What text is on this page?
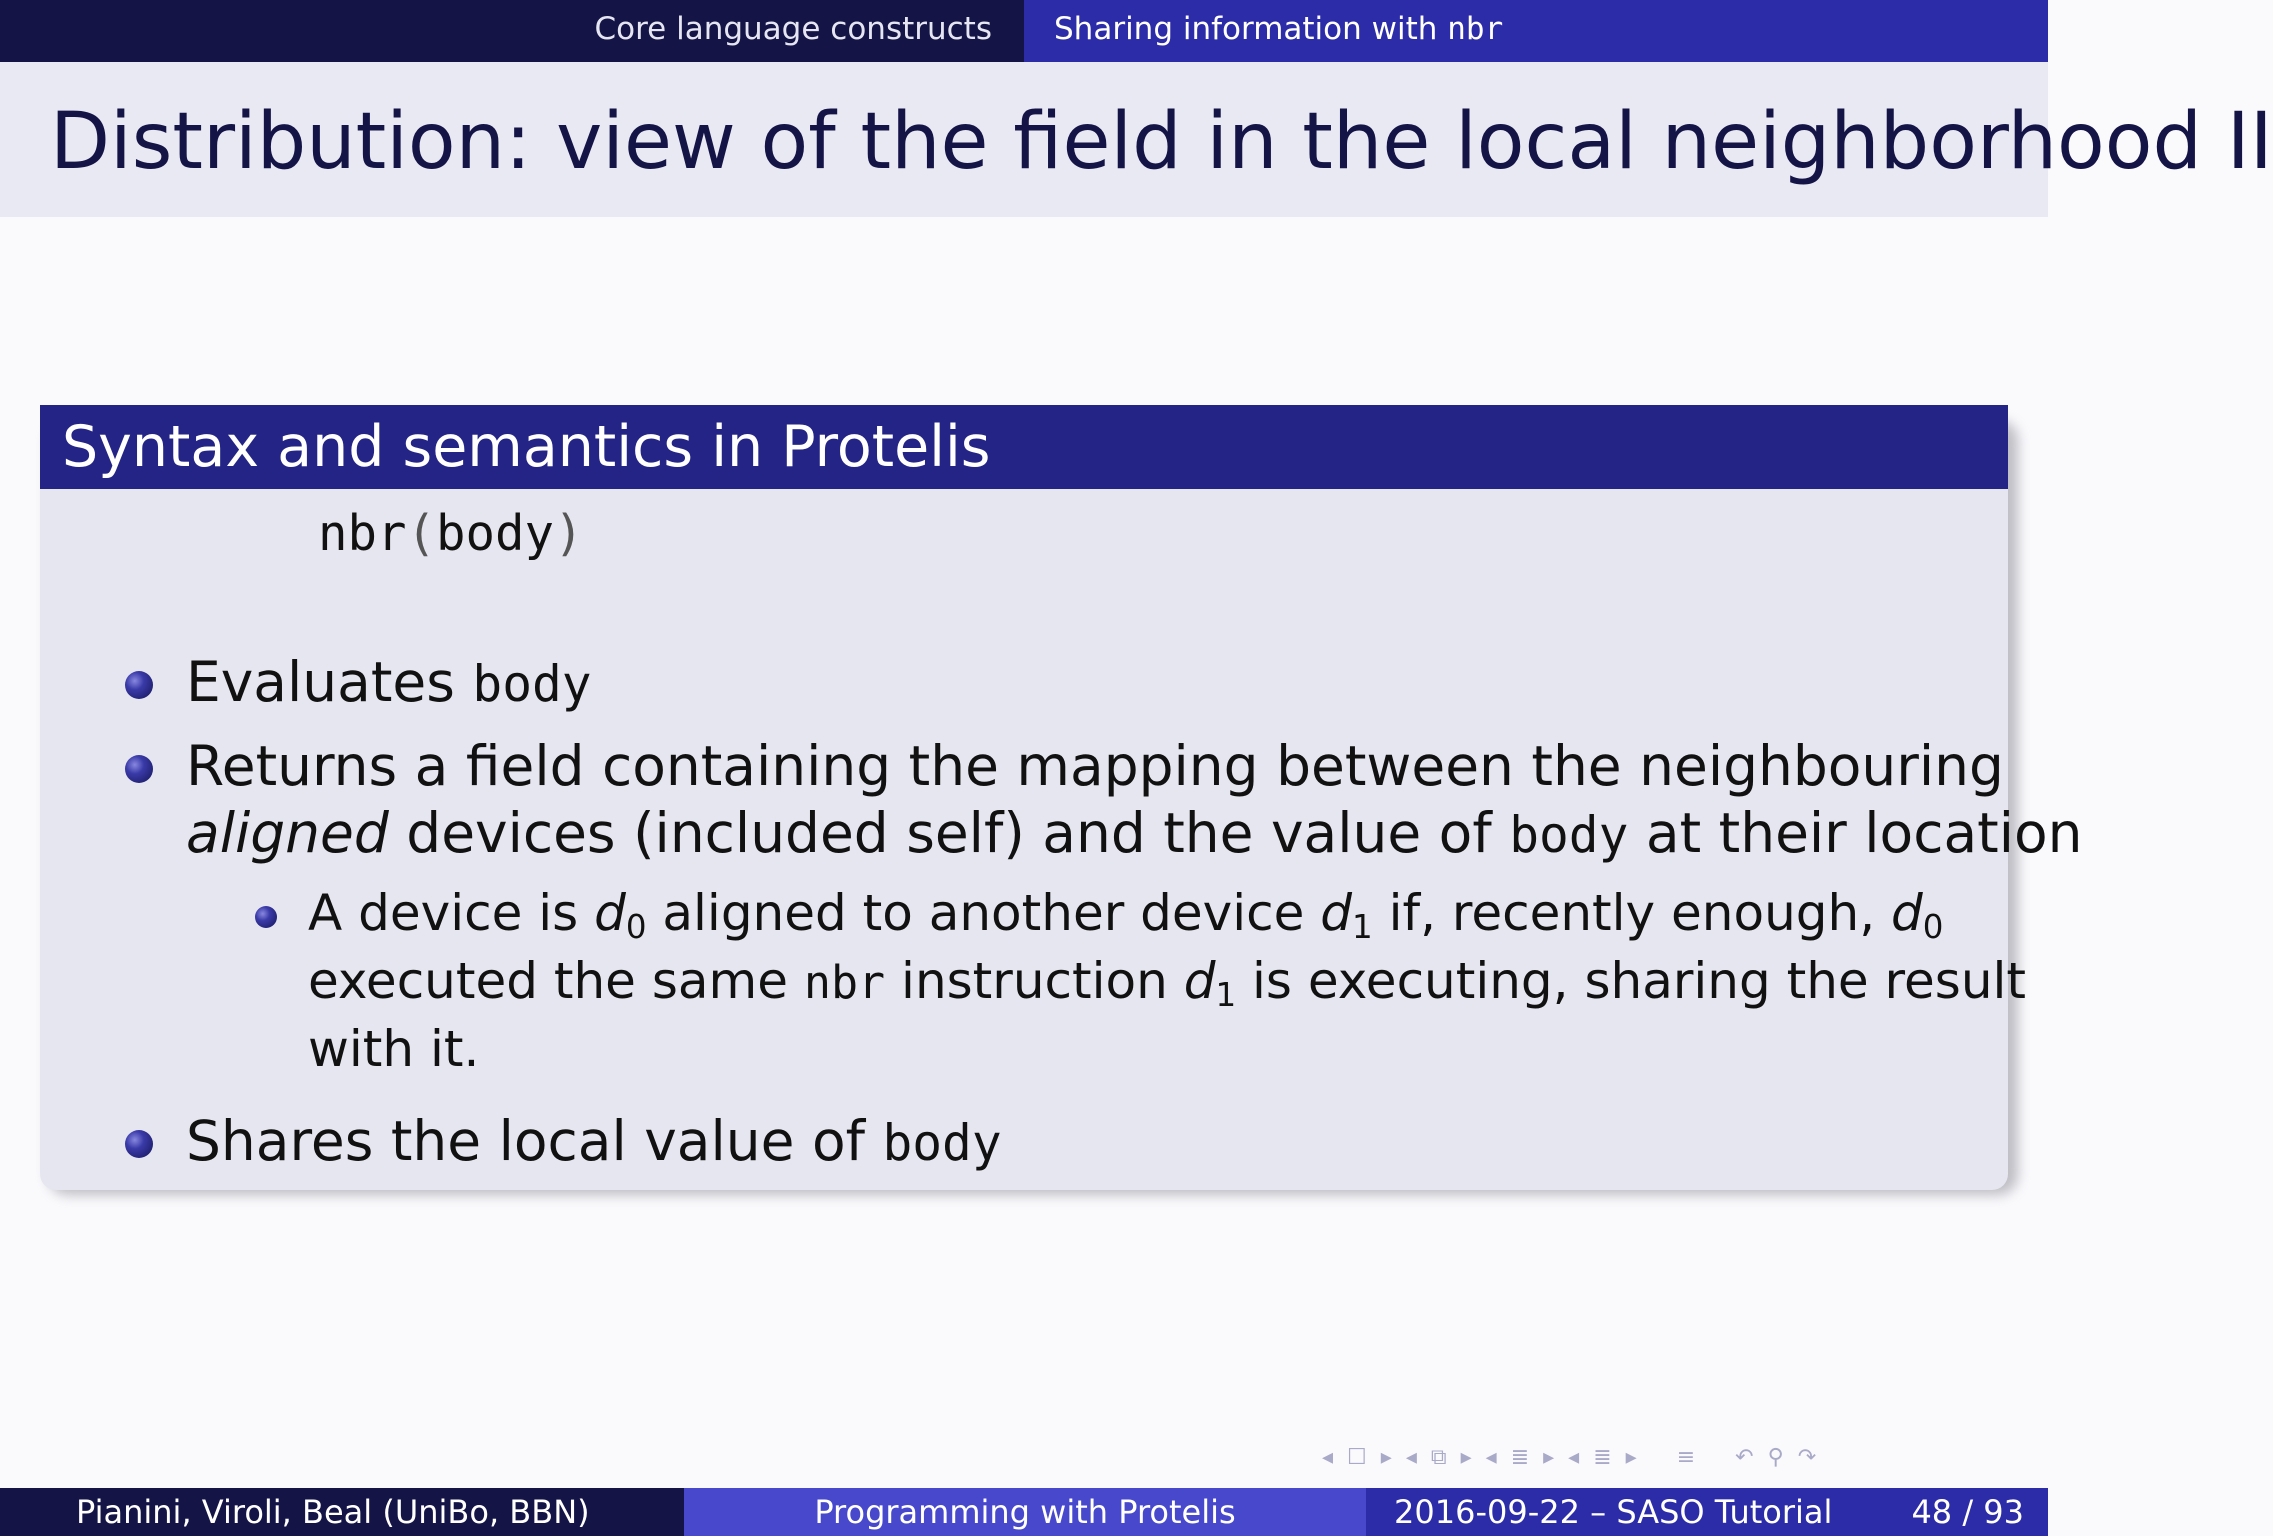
Core language constructs	Sharing information with nbr
Distribution: view of the field in the local neighborhood II
Syntax and semantics in Protelis
nbr(body)
Evaluates body
Returns a field containing the mapping between the neighbouring
aligned devices (included self) and the value of body at their location
A device is $d_0$ aligned to another device $d_1$ if, recently enough, $d_0$
executed the same nbr instruction $d_1$ is executing, sharing the result
with it.
Shares the local value of body
◂ ☐ ▸ ◂ ⧉ ▸ ◂ ≣ ▸ ◂ ≣ ▸ ≡ ↶ ⚲ ↷
Pianini, Viroli, Beal (UniBo, BBN)	Programming with Protelis	2016-09-22 – SASO Tutorial 48 / 93
